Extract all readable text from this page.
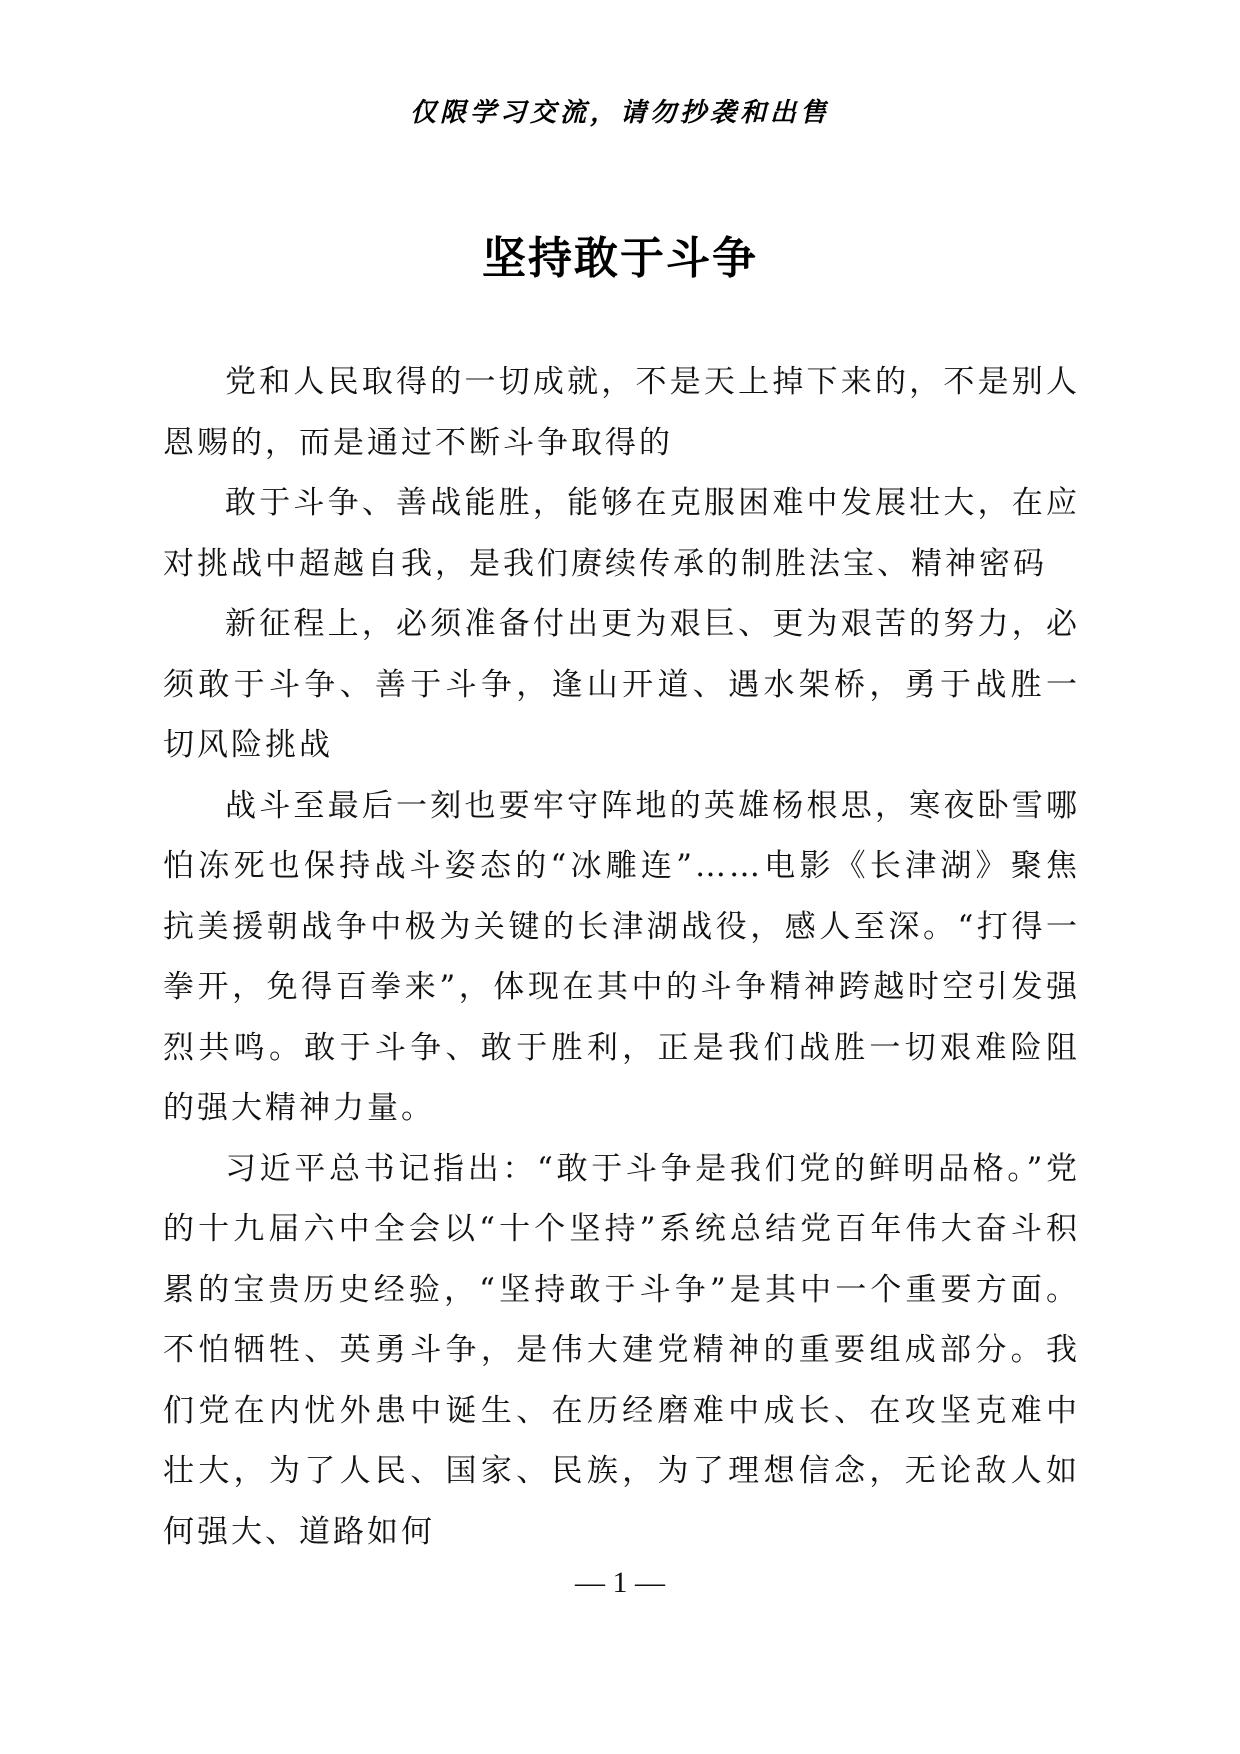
仅限学习交流，请勿抄袭和出售
坚持敢于斗争

党和人民取得的一切成就，不是天上掉下来的，不是别人恩赐的，而是通过不断斗争取得的

敢于斗争、善战能胜，能够在克服困难中发展壮大，在应对挑战中超越自我，是我们赓续传承的制胜法宝、精神密码

新征程上，必须准备付出更为艰巨、更为艰苦的努力，必须敢于斗争、善于斗争，逢山开道、遇水架桥，勇于战胜一切风险挑战

战斗至最后一刻也要牢守阵地的英雄杨根思，寒夜卧雪哪怕冻死也保持战斗姿态的“冰雕连”……电影《长津湖》聚焦抗美援朝战争中极为关键的长津湖战役，感人至深。“打得一拳开，免得百拳来”，体现在其中的斗争精神跨越时空引发强烈共鸣。敢于斗争、敢于胜利，正是我们战胜一切艰难险阻的强大精神力量。

习近平总书记指出：“敢于斗争是我们党的鲜明品格。”党的十九届六中全会以“十个坚持”系统总结党百年伟大奋斗积累的宝贵历史经验，“坚持敢于斗争”是其中一个重要方面。不怕牺牲、英勇斗争，是伟大建党精神的重要组成部分。我们党在内忧外患中诞生、在历经磨难中成长、在攻坚克难中壮大，为了人民、国家、民族，为了理想信念，无论敌人如何强大、道路如何

— 1 —
